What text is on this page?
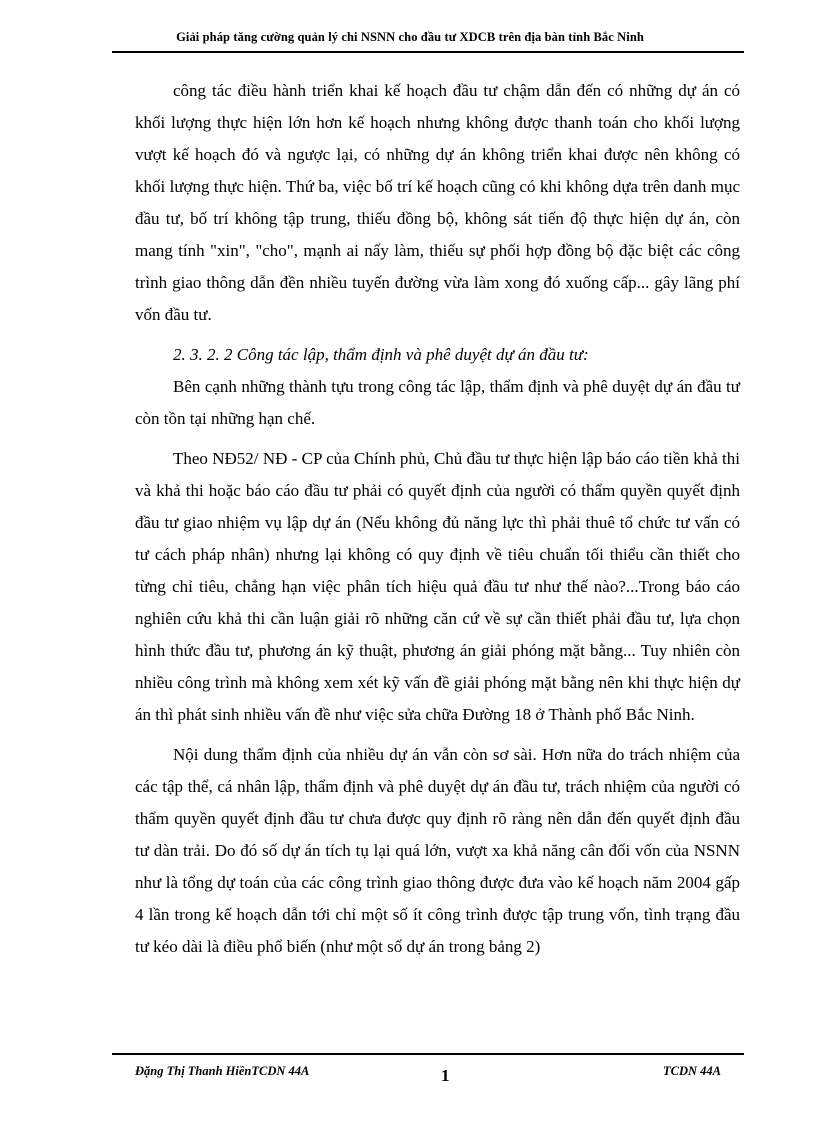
Giải pháp tăng cường quản lý chi NSNN cho đầu tư XDCB trên địa bàn tỉnh Bắc Ninh

công tác điều hành triển khai kế hoạch đầu tư chậm dẫn đến có những dự án có khối lượng thực hiện lớn hơn kế hoạch nhưng không được thanh toán cho khối lượng vượt kế hoạch đó và ngược lại, có những dự án không triển khai được nên không có khối lượng thực hiện. Thứ ba, việc bố trí kế hoạch cũng có khi không dựa trên danh mục đầu tư, bố trí không tập trung, thiếu đồng bộ, không sát tiến độ thực hiện dự án, còn mang tính "xin", "cho", mạnh ai nấy làm, thiếu sự phối hợp đồng bộ đặc biệt các công trình giao thông dẫn đền nhiều tuyến đường vừa làm xong đó xuống cấp... gây lãng phí vốn đầu tư.

2. 3. 2. 2 Công tác lập, thẩm định và phê duyệt dự án đầu tư:

Bên cạnh những thành tựu trong công tác lập, thẩm định và phê duyệt dự án đầu tư còn tồn tại những hạn chế.

Theo NĐ52/ NĐ - CP của Chính phủ, Chủ đầu tư thực hiện lập báo cáo tiền khả thi và khả thi hoặc báo cáo đầu tư phải có quyết định của người có thẩm quyền quyết định đầu tư giao nhiệm vụ lập dự án (Nếu không đủ năng lực thì phải thuê tổ chức tư vấn có tư cách pháp nhân) nhưng lại không có quy định về tiêu chuẩn tối thiểu cần thiết cho từng chỉ tiêu, chẳng hạn việc phân tích hiệu quả đầu tư như thế nào?...Trong báo cáo nghiên cứu khả thi cần luận giải rõ những căn cứ về sự cần thiết phải đầu tư, lựa chọn hình thức đầu tư, phương án kỹ thuật, phương án giải phóng mặt bằng... Tuy nhiên còn nhiều công trình mà không xem xét kỹ vấn đề giải phóng mặt bằng nên khi thực hiện dự án thì phát sinh nhiều vấn đề như việc sửa chữa Đường 18 ở Thành phố Bắc Ninh.

Nội dung thẩm định của nhiều dự án vẫn còn sơ sài. Hơn nữa do trách nhiệm của các tập thể, cá nhân lập, thẩm định và phê duyệt dự án đầu tư, trách nhiệm của người có thẩm quyền quyết định đầu tư chưa được quy định rõ ràng nên dẫn đến quyết định đầu tư dàn trải. Do đó số dự án tích tụ lại quá lớn, vượt xa khả năng cân đối vốn của NSNN như là tổng dự toán của các công trình giao thông được đưa vào kế hoạch năm 2004 gấp 4 lần trong kế hoạch dẫn tới chỉ một số ít công trình được tập trung vốn, tình trạng đầu tư kéo dài là điều phổ biến (như một số dự án trong bảng 2)

Đặng Thị Thanh HiềnTCDN 44A	1	TCDN 44A
